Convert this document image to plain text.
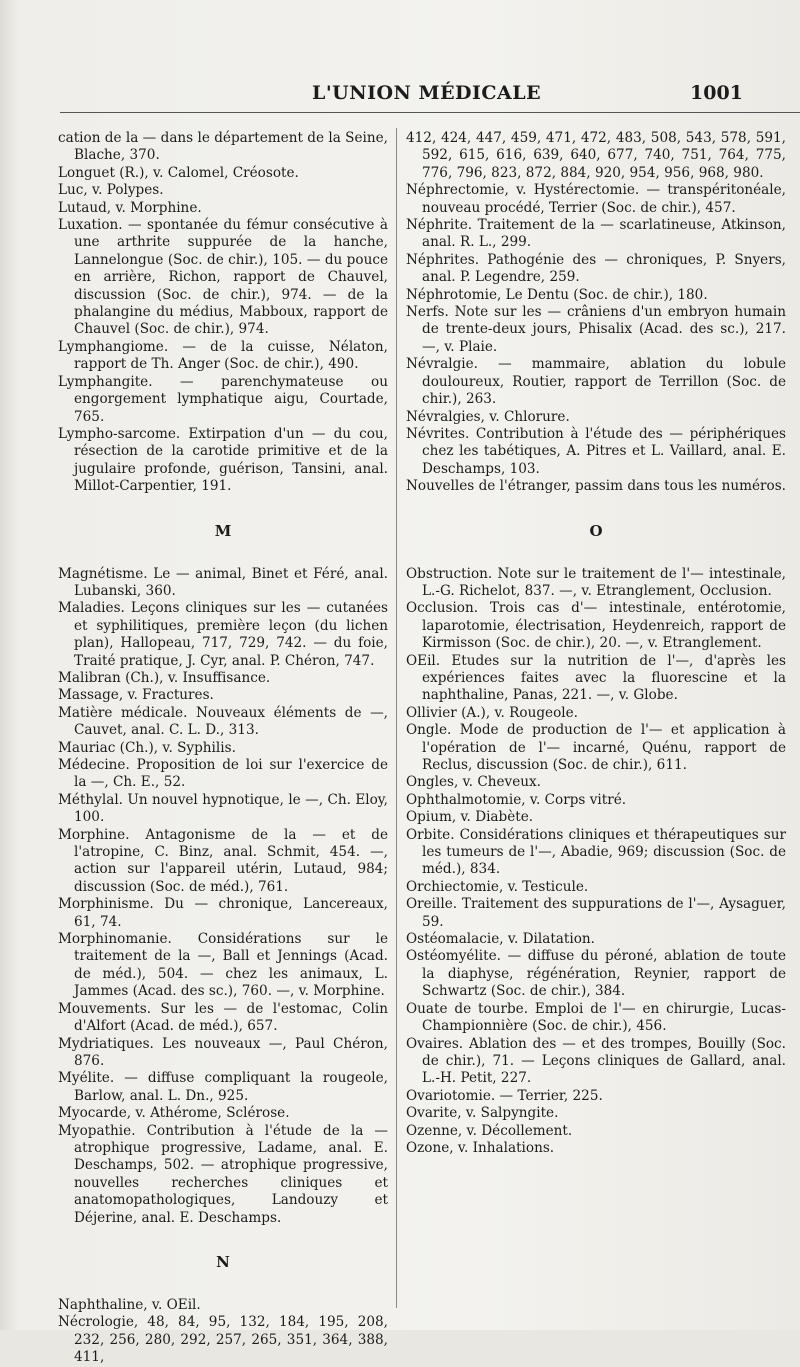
L'UNION MÉDICALE	1001

cation de la — dans le département de la Seine, Blache, 370.

Longuet (R.), v. Calomel, Créosote.

Luc, v. Polypes.

Lutaud, v. Morphine.

Luxation. — spontanée du fémur consécutive à une arthrite suppurée de la hanche, Lannelongue (Soc. de chir.), 105. — du pouce en arrière, Richon, rapport de Chauvel, discussion (Soc. de chir.), 974. — de la phalangine du médius, Mabboux, rapport de Chauvel (Soc. de chir.), 974.

Lymphangiome. — de la cuisse, Nélaton, rapport de Th. Anger (Soc. de chir.), 490.

Lymphangite. — parenchymateuse ou engorgement lymphatique aigu, Courtade, 765.

Lympho-sarcome. Extirpation d'un — du cou, résection de la carotide primitive et de la jugulaire profonde, guérison, Tansini, anal. Millot-Carpentier, 191.

M

Magnétisme. Le — animal, Binet et Féré, anal. Lubanski, 360.

Maladies. Leçons cliniques sur les — cutanées et syphilitiques, première leçon (du lichen plan), Hallopeau, 717, 729, 742. — du foie, Traité pratique, J. Cyr, anal. P. Chéron, 747.

Malibran (Ch.), v. Insuffisance.

Massage, v. Fractures.

Matière médicale. Nouveaux éléments de —, Cauvet, anal. C. L. D., 313.

Mauriac (Ch.), v. Syphilis.

Médecine. Proposition de loi sur l'exercice de la —, Ch. E., 52.

Méthylal. Un nouvel hypnotique, le —, Ch. Eloy, 100.

Morphine. Antagonisme de la — et de l'atropine, C. Binz, anal. Schmit, 454. —, action sur l'appareil utérin, Lutaud, 984; discussion (Soc. de méd.), 761.

Morphinisme. Du — chronique, Lancereaux, 61, 74.

Morphinomanie. Considérations sur le traitement de la —, Ball et Jennings (Acad. de méd.), 504. — chez les animaux, L. Jammes (Acad. des sc.), 760. —, v. Morphine.

Mouvements. Sur les — de l'estomac, Colin d'Alfort (Acad. de méd.), 657.

Mydriatiques. Les nouveaux —, Paul Chéron, 876.

Myélite. — diffuse compliquant la rougeole, Barlow, anal. L. Dn., 925.

Myocarde, v. Athérome, Sclérose.

Myopathie. Contribution à l'étude de la — atrophique progressive, Ladame, anal. E. Deschamps, 502. — atrophique progressive, nouvelles recherches cliniques et anatomopathologiques, Landouzy et Déjerine, anal. E. Deschamps.

N

Naphthaline, v. OEil.

Nécrologie, 48, 84, 95, 132, 184, 195, 208, 232, 256, 280, 292, 257, 265, 351, 364, 388, 411,

412, 424, 447, 459, 471, 472, 483, 508, 543, 578, 591, 592, 615, 616, 639, 640, 677, 740, 751, 764, 775, 776, 796, 823, 872, 884, 920, 954, 956, 968, 980.

Néphrectomie, v. Hystérectomie. — transpéritonéale, nouveau procédé, Terrier (Soc. de chir.), 457.

Néphrite. Traitement de la — scarlatineuse, Atkinson, anal. R. L., 299.

Néphrites. Pathogénie des — chroniques, P. Snyers, anal. P. Legendre, 259.

Néphrotomie, Le Dentu (Soc. de chir.), 180.

Nerfs. Note sur les — crâniens d'un embryon humain de trente-deux jours, Phisalix (Acad. des sc.), 217. —, v. Plaie.

Névralgie. — mammaire, ablation du lobule douloureux, Routier, rapport de Terrillon (Soc. de chir.), 263.

Névralgies, v. Chlorure.

Névrites. Contribution à l'étude des — périphériques chez les tabétiques, A. Pitres et L. Vaillard, anal. E. Deschamps, 103.

Nouvelles de l'étranger, passim dans tous les numéros.

O

Obstruction. Note sur le traitement de l'— intestinale, L.-G. Richelot, 837. —, v. Etranglement, Occlusion.

Occlusion. Trois cas d'— intestinale, entérotomie, laparotomie, électrisation, Heydenreich, rapport de Kirmisson (Soc. de chir.), 20. —, v. Etranglement.

OEil. Etudes sur la nutrition de l'—, d'après les expériences faites avec la fluorescine et la naphthaline, Panas, 221. —, v. Globe.

Ollivier (A.), v. Rougeole.

Ongle. Mode de production de l'— et application à l'opération de l'— incarné, Quénu, rapport de Reclus, discussion (Soc. de chir.), 611.

Ongles, v. Cheveux.

Ophthalmotomie, v. Corps vitré.

Opium, v. Diabète.

Orbite. Considérations cliniques et thérapeutiques sur les tumeurs de l'—, Abadie, 969; discussion (Soc. de méd.), 834.

Orchiectomie, v. Testicule.

Oreille. Traitement des suppurations de l'—, Aysaguer, 59.

Ostéomalacie, v. Dilatation.

Ostéomyélite. — diffuse du péroné, ablation de toute la diaphyse, régénération, Reynier, rapport de Schwartz (Soc. de chir.), 384.

Ouate de tourbe. Emploi de l'— en chirurgie, Lucas-Championnière (Soc. de chir.), 456.

Ovaires. Ablation des — et des trompes, Bouilly (Soc. de chir.), 71. — Leçons cliniques de Gallard, anal. L.-H. Petit, 227.

Ovariotomie. — Terrier, 225.

Ovarite, v. Salpyngite.

Ozenne, v. Décollement.

Ozone, v. Inhalations.
